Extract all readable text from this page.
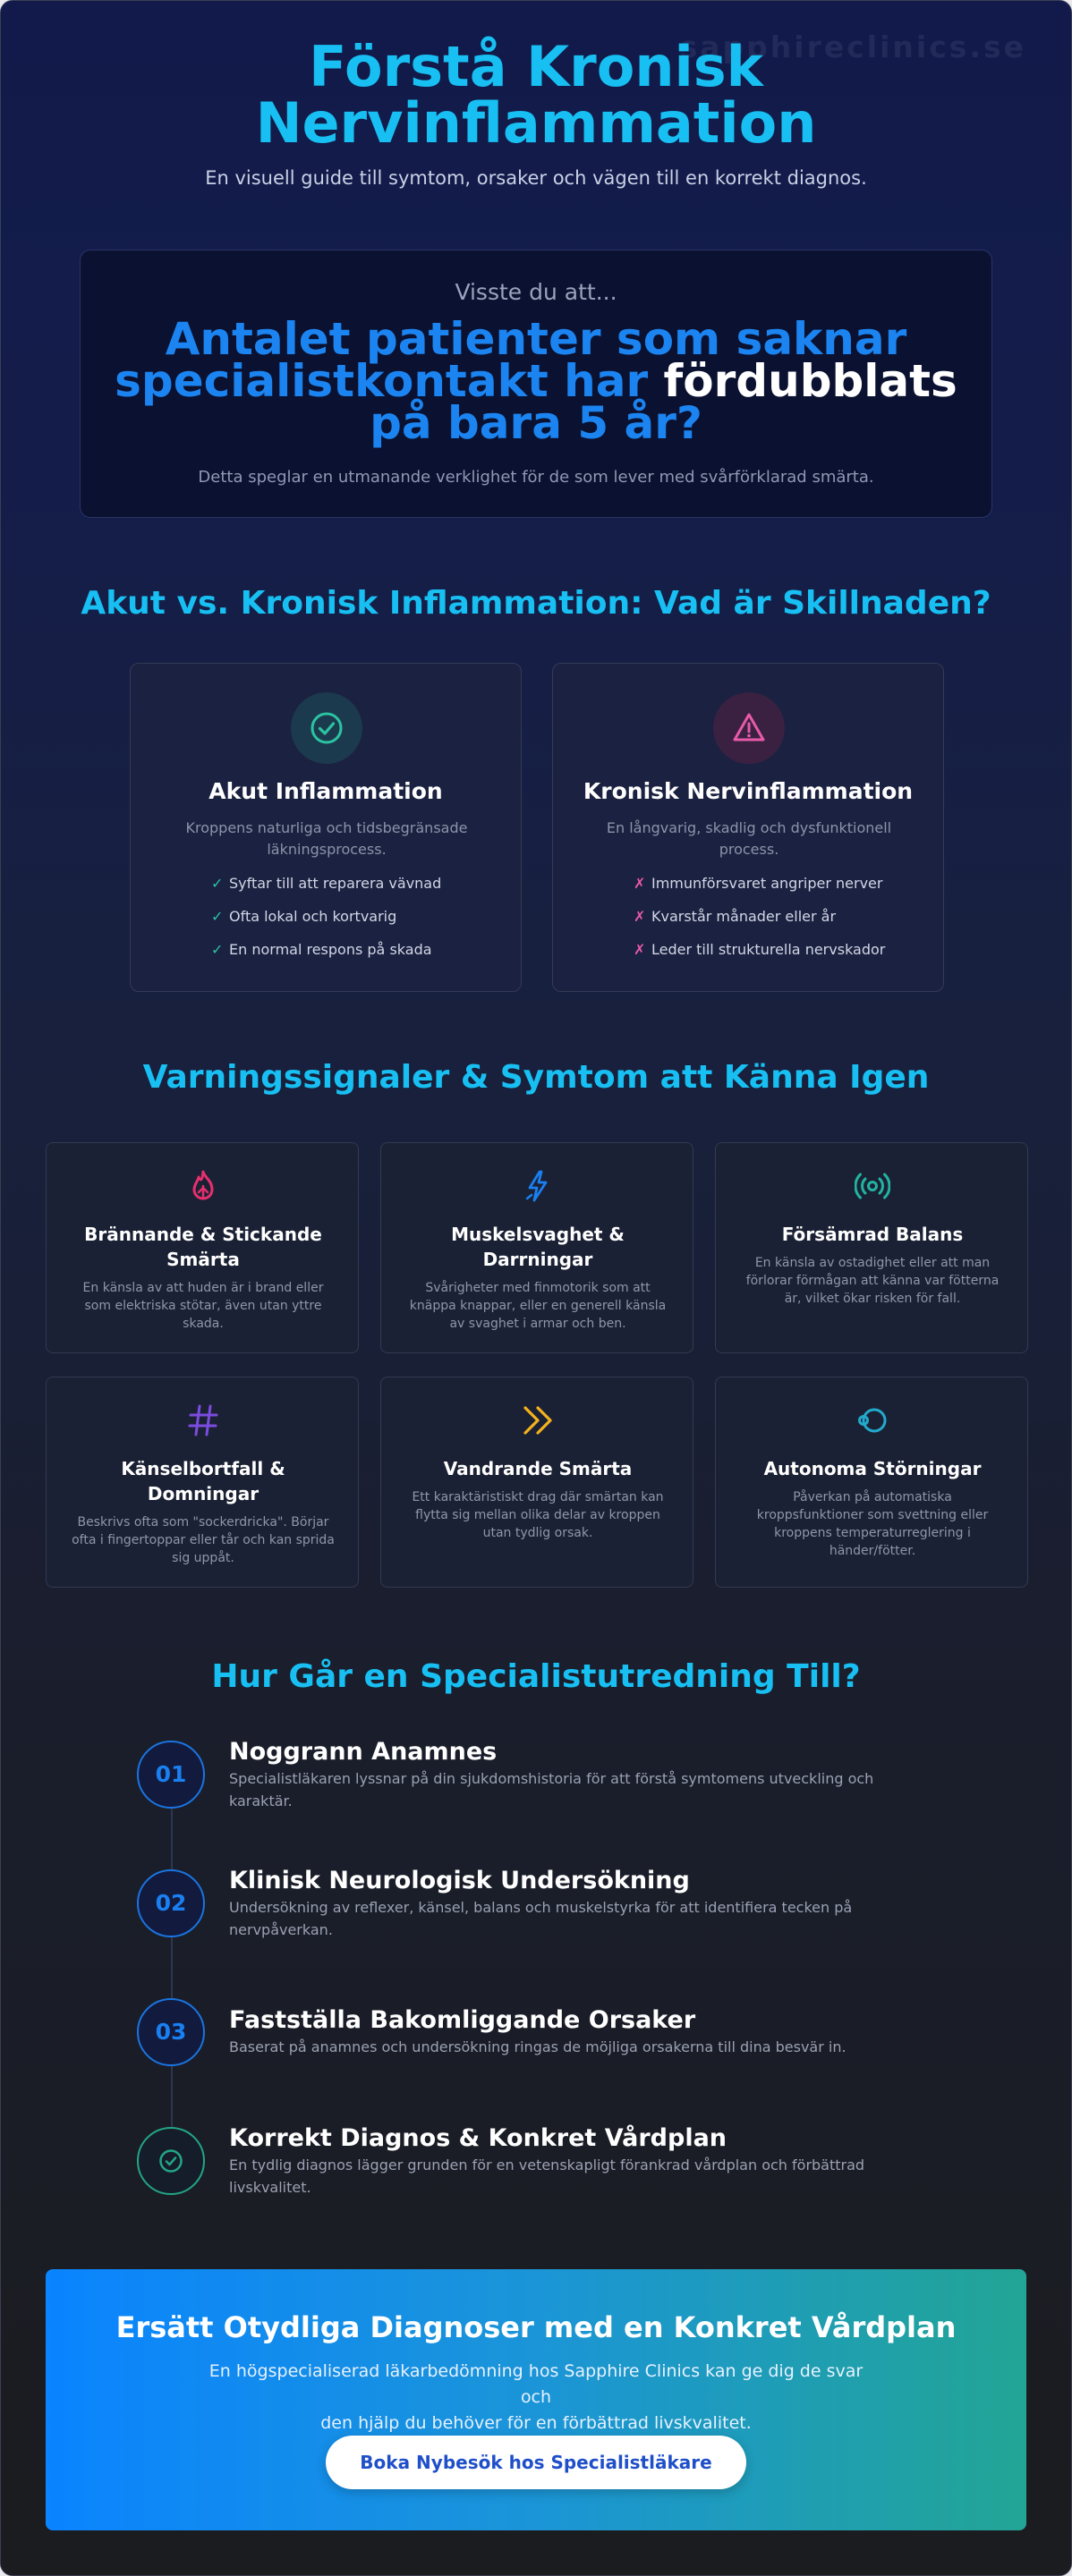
sapphireclinics.se
Förstå Kronisk
Nervinflammation
En visuell guide till symtom, orsaker och vägen till en korrekt diagnos.
Visste du att...
Antalet patienter som saknar
specialistkontakt har fördubblats
på bara 5 år?
Detta speglar en utmanande verklighet för de som lever med svårförklarad smärta.
Akut vs. Kronisk Inflammation: Vad är Skillnaden?
Akut Inflammation
Kroppens naturliga och tidsbegränsade
läkningsprocess.
✓ Syftar till att reparera vävnad
✓ Ofta lokal och kortvarig
✓ En normal respons på skada
Kronisk Nervinflammation
En långvarig, skadlig och dysfunktionell
process.
✗ Immunförsvaret angriper nerver
✗ Kvarstår månader eller år
✗ Leder till strukturella nervskador
Varningssignaler & Symtom att Känna Igen
Brännande & Stickande
Smärta
En känsla av att huden är i brand eller
som elektriska stötar, även utan yttre
skada.
Muskelsvaghet &
Darrningar
Svårigheter med finmotorik som att
knäppa knappar, eller en generell känsla
av svaghet i armar och ben.
Försämrad Balans
En känsla av ostadighet eller att man
förlorar förmågan att känna var fötterna
är, vilket ökar risken för fall.
Känselbortfall &
Domningar
Beskrivs ofta som "sockerdricka". Börjar
ofta i fingertoppar eller tår och kan sprida
sig uppåt.
Vandrande Smärta
Ett karaktäristiskt drag där smärtan kan
flytta sig mellan olika delar av kroppen
utan tydlig orsak.
Autonoma Störningar
Påverkan på automatiska
kroppsfunktioner som svettning eller
kroppens temperaturreglering i
händer/fötter.
Hur Går en Specialistutredning Till?
01
Noggrann Anamnes
Specialistläkaren lyssnar på din sjukdomshistoria för att förstå symtomens utveckling och
karaktär.
02
Klinisk Neurologisk Undersökning
Undersökning av reflexer, känsel, balans och muskelstyrka för att identifiera tecken på
nervpåverkan.
03	Fastställa Bakomliggande Orsaker
Baserat på anamnes och undersökning ringas de möjliga orsakerna till dina besvär in.
Korrekt Diagnos & Konkret Vårdplan
En tydlig diagnos lägger grunden för en vetenskapligt förankrad vårdplan och förbättrad
livskvalitet.
Ersätt Otydliga Diagnoser med en Konkret Vårdplan
En högspecialiserad läkarbedömning hos Sapphire Clinics kan ge dig de svar och
den hjälp du behöver för en förbättrad livskvalitet.
Boka Nybesök hos Specialistläkare
